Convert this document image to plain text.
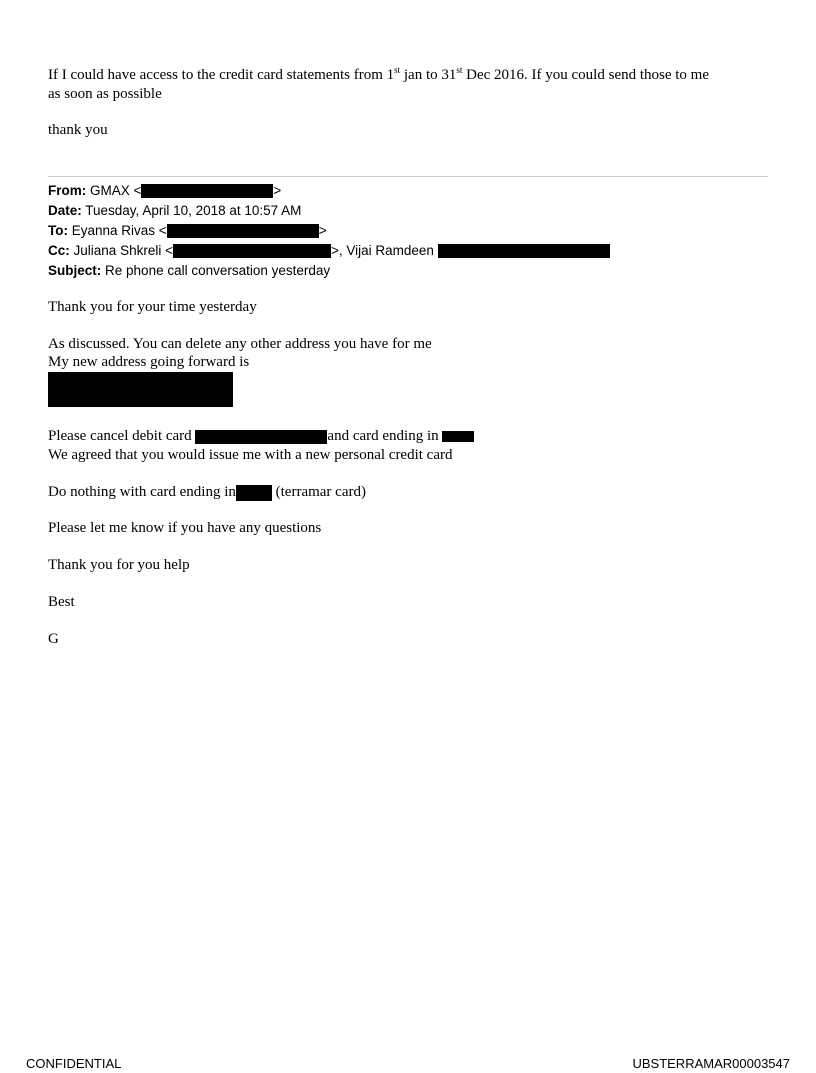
If I could have access to the credit card statements from 1st jan to 31st Dec 2016. If you could send those to me
as soon as possible
thank you
From: GMAX <	>
Date: Tuesday, April 10, 2018 at 10:57 AM
To: Eyanna Rivas <	>
Cc: Juliana Shkreli <	>, Vijai Ramdeen
Subject: Re phone call conversation yesterday
Thank you for your time yesterday
As discussed. You can delete any other address you have for me
My new address going forward is
Please cancel debit card	and card ending in
We agreed that you would issue me with a new personal credit card
Do nothing with card ending in (terramar card)
Please let me know if you have any questions
Thank you for you help
Best
G
CONFIDENTIAL	UBSTERRAMAR00003547
